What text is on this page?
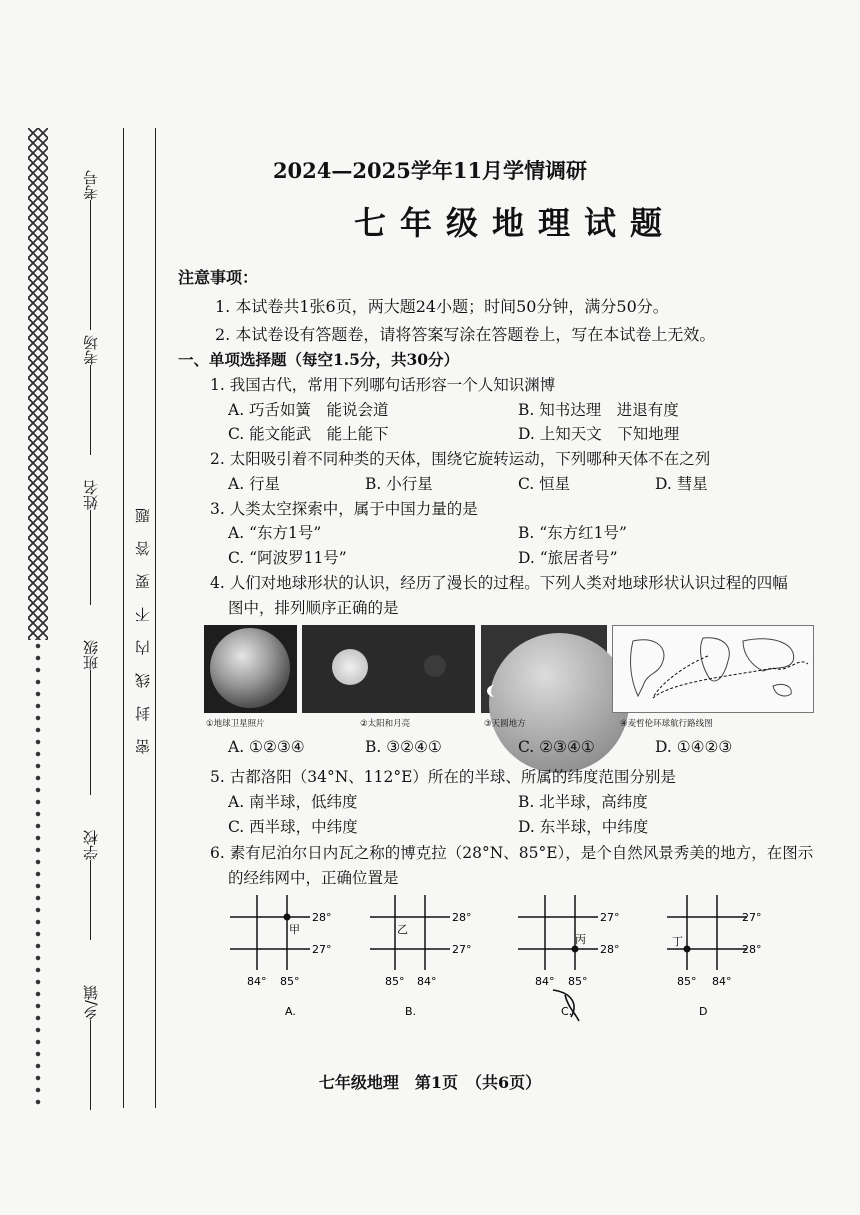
考号
考场
姓名
班级
学校
乡/镇
密封线内不要答题
2024—2025学年11月学情调研
七年级地理试题
注意事项：
1. 本试卷共1张6页，两大题24小题；时间50分钟，满分50分。
2. 本试卷设有答题卷，请将答案写涂在答题卷上，写在本试卷上无效。
一、单项选择题（每空1.5分，共30分）
1. 我国古代，常用下列哪句话形容一个人知识渊博
A. 巧舌如簧　能说会道	B. 知书达理　进退有度
C. 能文能武　能上能下	D. 上知天文　下知地理
2. 太阳吸引着不同种类的天体，围绕它旋转运动，下列哪种天体不在之列
A. 行星	B. 小行星	C. 恒星	D. 彗星
3. 人类太空探索中，属于中国力量的是
A. “东方1号”	B. “东方红1号”
C. “阿波罗11号”	D. “旅居者号”
4. 人们对地球形状的认识，经历了漫长的过程。下列人类对地球形状认识过程的四幅
图中，排列顺序正确的是
①地球卫星照片	②太阳和月亮	③天圆地方	④麦哲伦环球航行路线图
A. ①②③④	B. ③②④①	C. ②③④①	D. ①④②③
5. 古都洛阳（34°N、112°E）所在的半球、所属的纬度范围分别是
A. 南半球，低纬度	B. 北半球，高纬度
C. 西半球，中纬度	D. 东半球，中纬度
6. 素有尼泊尔日内瓦之称的博克拉（28°N、85°E），是个自然风景秀美的地方，在图示
的经纬网中，正确位置是
甲
28°
27°
84° 85°
A.
乙
28°
27°
85° 84°
B.
丙
27°
28°
84° 85°
C.
丁
27°
28°
85° 84°
D
七年级地理　 第1页　 （共6页）
